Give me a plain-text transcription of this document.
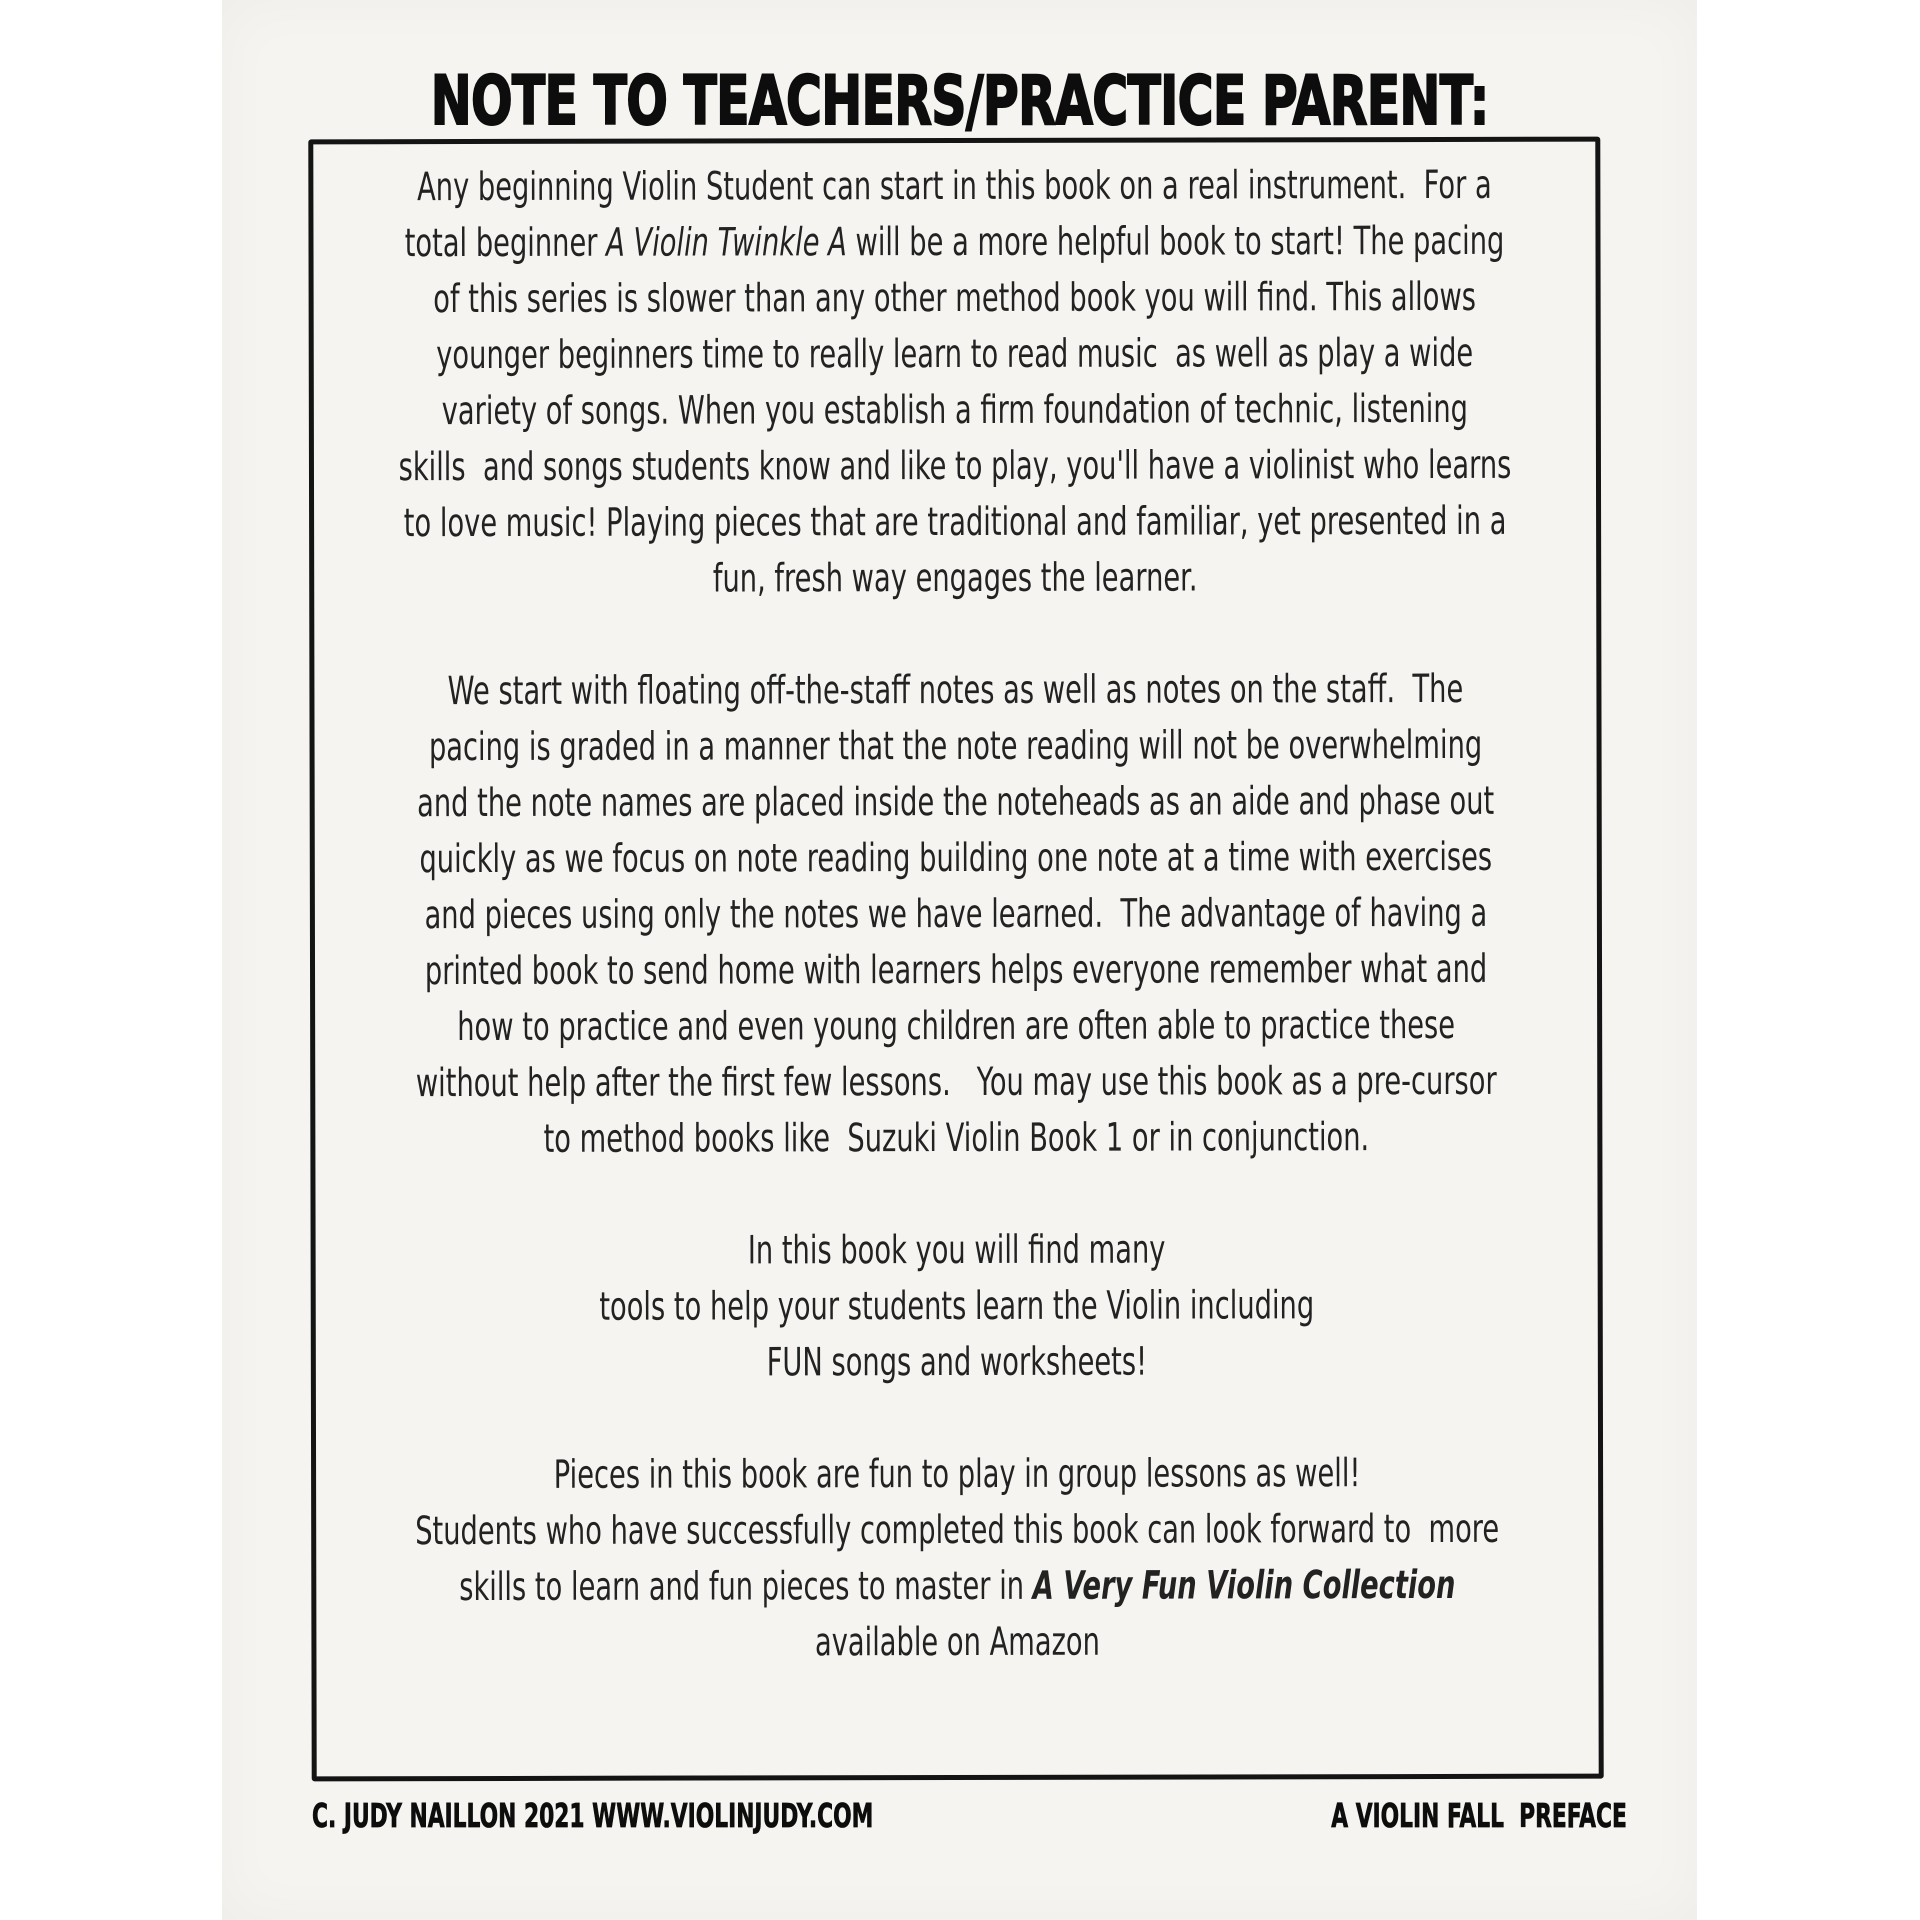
NOTE TO TEACHERS/PRACTICE PARENT:
Any beginning Violin Student can start in this book on a real instrument.  For a
total beginner A Violin Twinkle A will be a more helpful book to start! The pacing
of this series is slower than any other method book you will find. This allows
younger beginners time to really learn to read music  as well as play a wide
variety of songs. When you establish a firm foundation of technic, listening
skills  and songs students know and like to play, you'll have a violinist who learns
to love music! Playing pieces that are traditional and familiar, yet presented in a
fun, fresh way engages the learner.
We start with floating off-the-staff notes as well as notes on the staff.  The
pacing is graded in a manner that the note reading will not be overwhelming
and the note names are placed inside the noteheads as an aide and phase out
quickly as we focus on note reading building one note at a time with exercises
and pieces using only the notes we have learned.  The advantage of having a
printed book to send home with learners helps everyone remember what and
how to practice and even young children are often able to practice these
without help after the first few lessons.   You may use this book as a pre-cursor
to method books like  Suzuki Violin Book 1 or in conjunction.
In this book you will find many
tools to help your students learn the Violin including
FUN songs and worksheets!
Pieces in this book are fun to play in group lessons as well!
Students who have successfully completed this book can look forward to  more
skills to learn and fun pieces to master in A Very Fun Violin Collection
available on Amazon
C. JUDY NAILLON 2021 WWW.VIOLINJUDY.COM	A VIOLIN FALL  PREFACE
